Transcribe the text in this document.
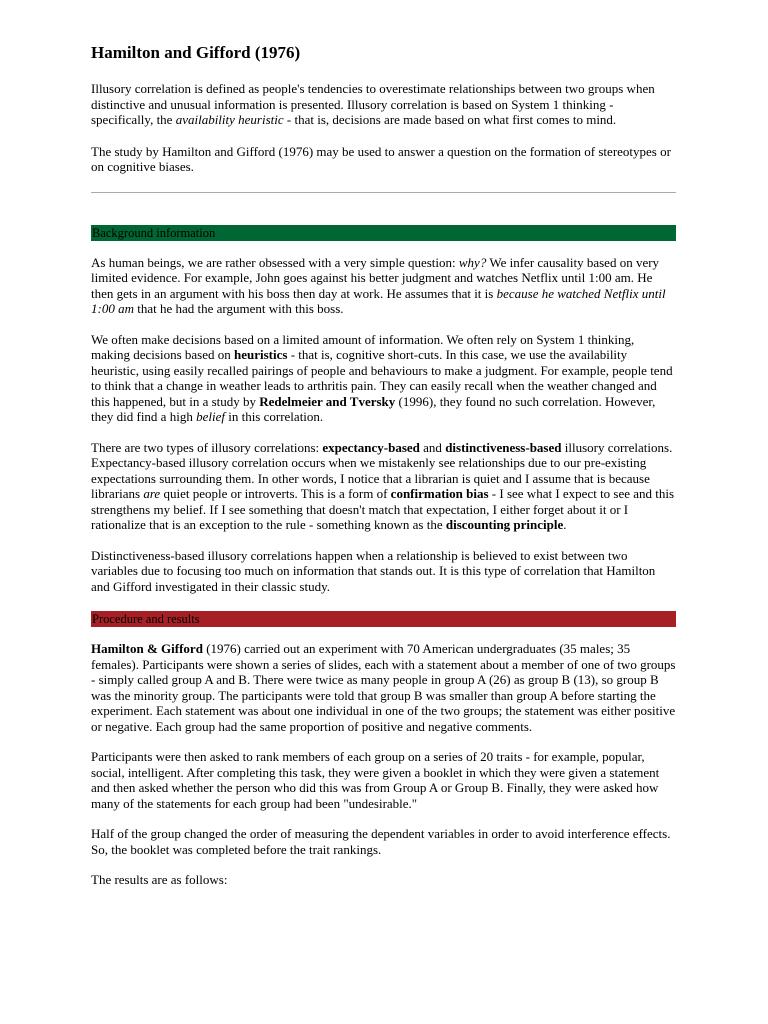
Hamilton and Gifford (1976)

Illusory correlation is defined as people's tendencies to overestimate relationships between two groups when distinctive and unusual information is presented. Illusory correlation is based on System 1 thinking - specifically, the availability heuristic - that is, decisions are made based on what first comes to mind.

The study by Hamilton and Gifford (1976) may be used to answer a question on the formation of stereotypes or on cognitive biases.

Background information

As human beings, we are rather obsessed with a very simple question: why? We infer causality based on very limited evidence. For example, John goes against his better judgment and watches Netflix until 1:00 am. He then gets in an argument with his boss then day at work. He assumes that it is because he watched Netflix until 1:00 am that he had the argument with this boss.

We often make decisions based on a limited amount of information. We often rely on System 1 thinking, making decisions based on heuristics - that is, cognitive short-cuts. In this case, we use the availability heuristic, using easily recalled pairings of people and behaviours to make a judgment. For example, people tend to think that a change in weather leads to arthritis pain. They can easily recall when the weather changed and this happened, but in a study by Redelmeier and Tversky (1996), they found no such correlation. However, they did find a high belief in this correlation.

There are two types of illusory correlations: expectancy-based and distinctiveness-based illusory correlations. Expectancy-based illusory correlation occurs when we mistakenly see relationships due to our pre-existing expectations surrounding them. In other words, I notice that a librarian is quiet and I assume that is because librarians are quiet people or introverts. This is a form of confirmation bias - I see what I expect to see and this strengthens my belief. If I see something that doesn't match that expectation, I either forget about it or I rationalize that is an exception to the rule - something known as the discounting principle.

Distinctiveness-based illusory correlations happen when a relationship is believed to exist between two variables due to focusing too much on information that stands out. It is this type of correlation that Hamilton and Gifford investigated in their classic study.

Procedure and results

Hamilton & Gifford (1976) carried out an experiment with 70 American undergraduates (35 males; 35 females). Participants were shown a series of slides, each with a statement about a member of one of two groups - simply called group A and B. There were twice as many people in group A (26) as group B (13), so group B was the minority group. The participants were told that group B was smaller than group A before starting the experiment. Each statement was about one individual in one of the two groups; the statement was either positive or negative. Each group had the same proportion of positive and negative comments.

Participants were then asked to rank members of each group on a series of 20 traits - for example, popular, social, intelligent. After completing this task, they were given a booklet in which they were given a statement and then asked whether the person who did this was from Group A or Group B. Finally, they were asked how many of the statements for each group had been "undesirable."

Half of the group changed the order of measuring the dependent variables in order to avoid interference effects. So, the booklet was completed before the trait rankings.

The results are as follows:
